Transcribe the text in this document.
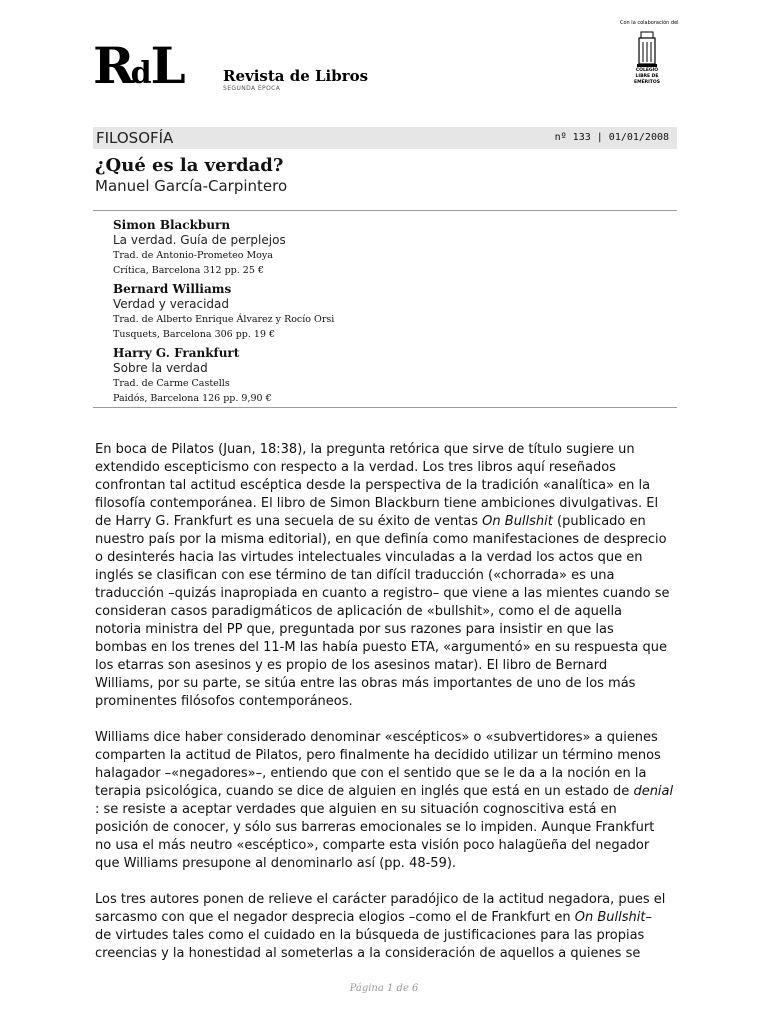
RdL	Revista de Libros
SEGUNDA ÉPOCA
Con la colaboración del
COLEGIO
LIBRE DE
EMÉRITOS
FILOSOFÍA	nº 133 | 01/01/2008
¿Qué es la verdad?
Manuel García-Carpintero
Simon Blackburn
La verdad. Guía de perplejos
Trad. de Antonio-Prometeo Moya
Crítica, Barcelona 312 pp. 25 €
Bernard Williams
Verdad y veracidad
Trad. de Alberto Enrique Álvarez y Rocío Orsi
Tusquets, Barcelona 306 pp. 19 €
Harry G. Frankfurt
Sobre la verdad
Trad. de Carme Castells
Paidós, Barcelona 126 pp. 9,90 €

En boca de Pilatos (Juan, 18:38), la pregunta retórica que sirve de título sugiere un
extendido escepticismo con respecto a la verdad. Los tres libros aquí reseñados
confrontan tal actitud escéptica desde la perspectiva de la tradición «analítica» en la
filosofía contemporánea. El libro de Simon Blackburn tiene ambiciones divulgativas. El
de Harry G. Frankfurt es una secuela de su éxito de ventas On Bullshit (publicado en
nuestro país por la misma editorial), en que definía como manifestaciones de desprecio
o desinterés hacia las virtudes intelectuales vinculadas a la verdad los actos que en
inglés se clasifican con ese término de tan difícil traducción («chorrada» es una
traducción –quizás inapropiada en cuanto a registro– que viene a las mientes cuando se
consideran casos paradigmáticos de aplicación de «bullshit», como el de aquella
notoria ministra del PP que, preguntada por sus razones para insistir en que las
bombas en los trenes del 11-M las había puesto ETA, «argumentó» en su respuesta que
los etarras son asesinos y es propio de los asesinos matar). El libro de Bernard
Williams, por su parte, se sitúa entre las obras más importantes de uno de los más
prominentes filósofos contemporáneos.

Williams dice haber considerado denominar «escépticos» o «subvertidores» a quienes
comparten la actitud de Pilatos, pero finalmente ha decidido utilizar un término menos
halagador –«negadores»–, entiendo que con el sentido que se le da a la noción en la
terapia psicológica, cuando se dice de alguien en inglés que está en un estado de denial
: se resiste a aceptar verdades que alguien en su situación cognoscitiva está en
posición de conocer, y sólo sus barreras emocionales se lo impiden. Aunque Frankfurt
no usa el más neutro «escéptico», comparte esta visión poco halagüeña del negador
que Williams presupone al denominarlo así (pp. 48-59).

Los tres autores ponen de relieve el carácter paradójico de la actitud negadora, pues el
sarcasmo con que el negador desprecia elogios –como el de Frankfurt en On Bullshit–
de virtudes tales como el cuidado en la búsqueda de justificaciones para las propias
creencias y la honestidad al someterlas a la consideración de aquellos a quienes se

Página 1 de 6
